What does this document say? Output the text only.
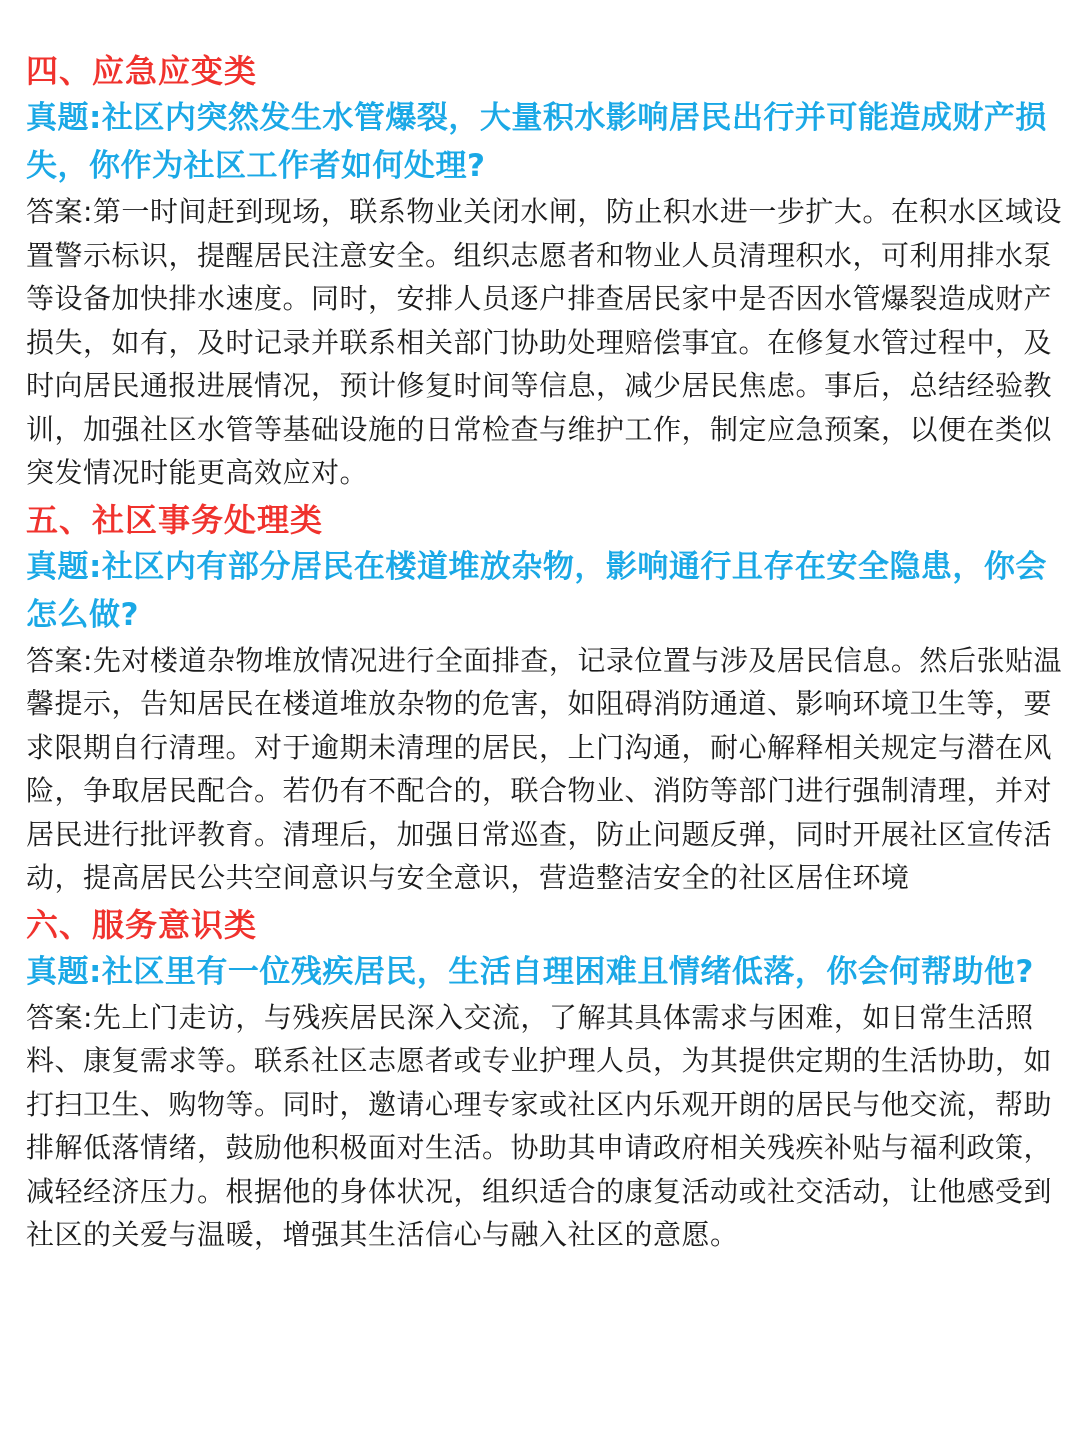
四、应急应变类

真题:社区内突然发生水管爆裂，大量积水影响居民出行并可能造成财产损失，你作为社区工作者如何处理?

答案:第一时间赶到现场，联系物业关闭水闸，防止积水进一步扩大。在积水区域设置警示标识，提醒居民注意安全。组织志愿者和物业人员清理积水，可利用排水泵等设备加快排水速度。同时，安排人员逐户排查居民家中是否因水管爆裂造成财产损失，如有，及时记录并联系相关部门协助处理赔偿事宜。在修复水管过程中，及时向居民通报进展情况，预计修复时间等信息，减少居民焦虑。事后，总结经验教训，加强社区水管等基础设施的日常检查与维护工作，制定应急预案，以便在类似突发情况时能更高效应对。

五、社区事务处理类

真题:社区内有部分居民在楼道堆放杂物，影响通行且存在安全隐患，你会怎么做?

答案:先对楼道杂物堆放情况进行全面排查，记录位置与涉及居民信息。然后张贴温馨提示，告知居民在楼道堆放杂物的危害，如阻碍消防通道、影响环境卫生等，要求限期自行清理。对于逾期未清理的居民，上门沟通，耐心解释相关规定与潜在风险，争取居民配合。若仍有不配合的，联合物业、消防等部门进行强制清理，并对居民进行批评教育。清理后，加强日常巡查，防止问题反弹，同时开展社区宣传活动，提高居民公共空间意识与安全意识，营造整洁安全的社区居住环境

六、服务意识类

真题:社区里有一位残疾居民，生活自理困难且情绪低落，你会何帮助他?

答案:先上门走访，与残疾居民深入交流，了解其具体需求与困难，如日常生活照料、康复需求等。联系社区志愿者或专业护理人员，为其提供定期的生活协助，如打扫卫生、购物等。同时，邀请心理专家或社区内乐观开朗的居民与他交流，帮助排解低落情绪，鼓励他积极面对生活。协助其申请政府相关残疾补贴与福利政策，减轻经济压力。根据他的身体状况，组织适合的康复活动或社交活动，让他感受到社区的关爱与温暖，增强其生活信心与融入社区的意愿。
